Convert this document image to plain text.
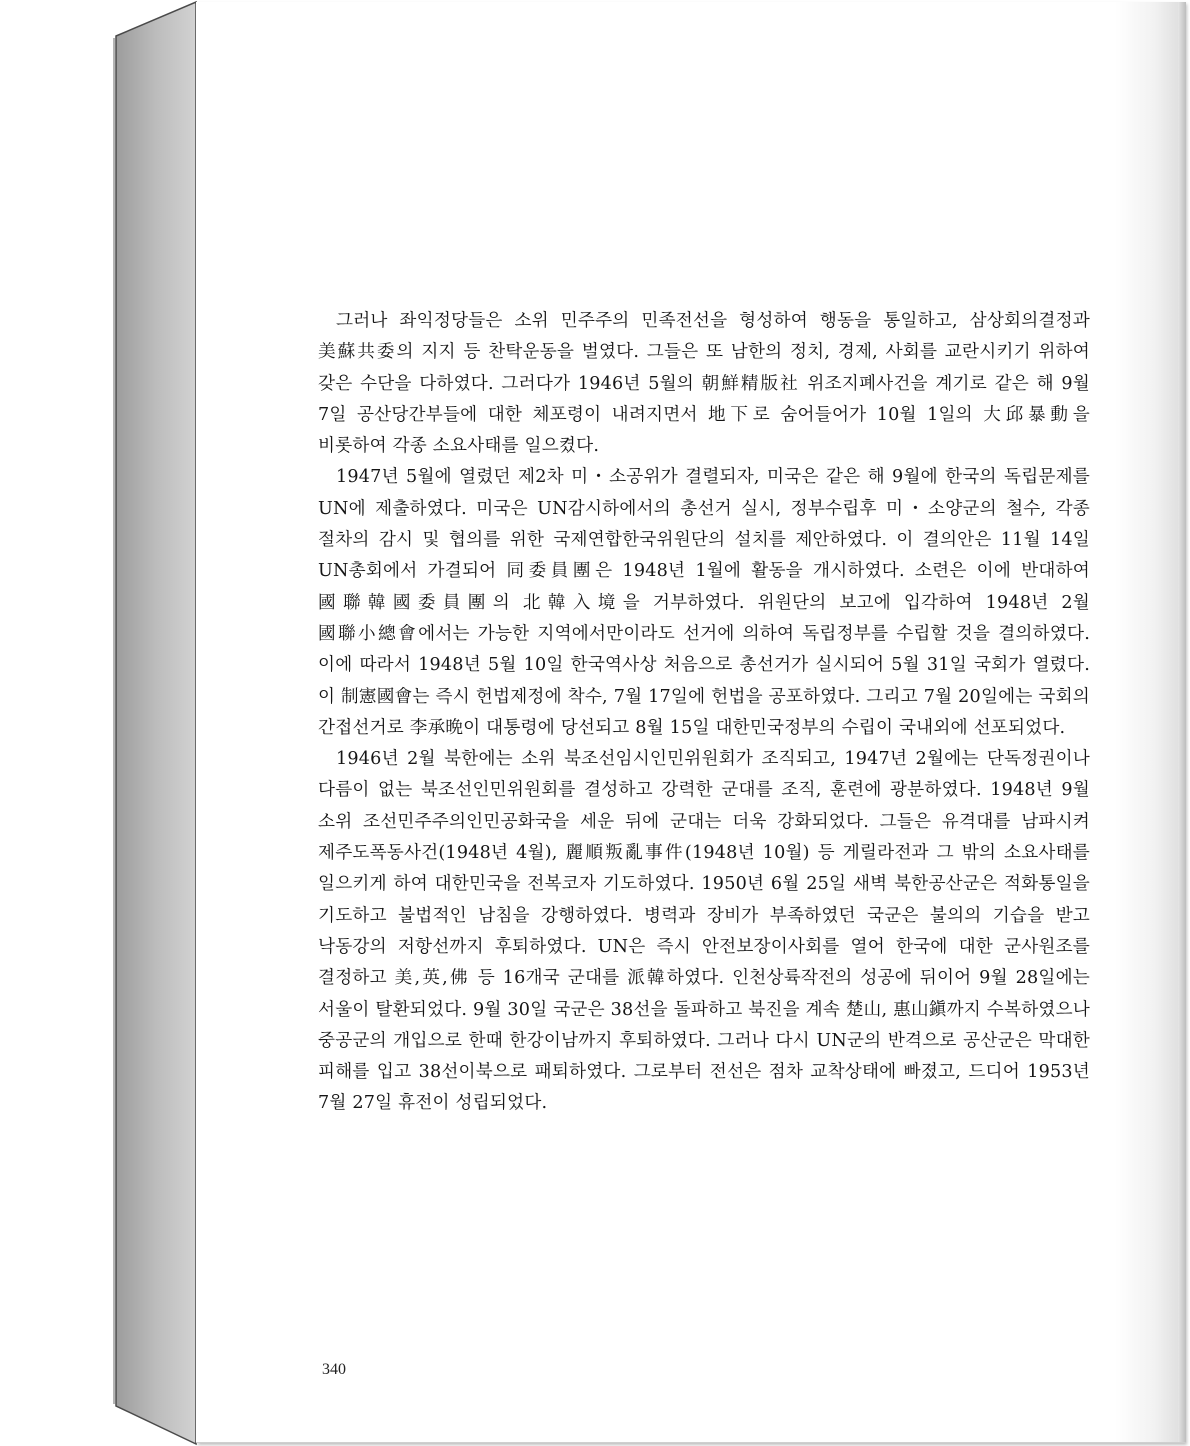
그러나 좌익정당들은 소위 민주주의 민족전선을 형성하여 행동을 통일하고, 삼상회의결정과 美蘇共委의 지지 등 찬탁운동을 벌였다. 그들은 또 남한의 정치, 경제, 사회를 교란시키기 위하여 갖은 수단을 다하였다. 그러다가 1946년 5월의 朝鮮精版社 위조지폐사건을 계기로 같은 해 9월 7일 공산당간부들에 대한 체포령이 내려지면서 地下로 숨어들어가 10월 1일의 大邱暴動을 비롯하여 각종 소요사태를 일으켰다.

1947년 5월에 열렸던 제2차 미・소공위가 결렬되자, 미국은 같은 해 9월에 한국의 독립문제를 UN에 제출하였다. 미국은 UN감시하에서의 총선거 실시, 정부수립후 미・소양군의 철수, 각종 절차의 감시 및 협의를 위한 국제연합한국위원단의 설치를 제안하였다. 이 결의안은 11월 14일 UN총회에서 가결되어 同委員團은 1948년 1월에 활동을 개시하였다. 소련은 이에 반대하여 國聯韓國委員團의 北韓入境을 거부하였다. 위원단의 보고에 입각하여 1948년 2월 國聯小總會에서는 가능한 지역에서만이라도 선거에 의하여 독립정부를 수립할 것을 결의하였다. 이에 따라서 1948년 5월 10일 한국역사상 처음으로 총선거가 실시되어 5월 31일 국회가 열렸다. 이 制憲國會는 즉시 헌법제정에 착수, 7월 17일에 헌법을 공포하였다. 그리고 7월 20일에는 국회의 간접선거로 李承晩이 대통령에 당선되고 8월 15일 대한민국정부의 수립이 국내외에 선포되었다.

1946년 2월 북한에는 소위 북조선임시인민위원회가 조직되고, 1947년 2월에는 단독정권이나 다름이 없는 북조선인민위원회를 결성하고 강력한 군대를 조직, 훈련에 광분하였다. 1948년 9월 소위 조선민주주의인민공화국을 세운 뒤에 군대는 더욱 강화되었다. 그들은 유격대를 남파시켜 제주도폭동사건(1948년 4월), 麗順叛亂事件(1948년 10월) 등 게릴라전과 그 밖의 소요사태를 일으키게 하여 대한민국을 전복코자 기도하였다. 1950년 6월 25일 새벽 북한공산군은 적화통일을 기도하고 불법적인 남침을 강행하였다. 병력과 장비가 부족하였던 국군은 불의의 기습을 받고 낙동강의 저항선까지 후퇴하였다. UN은 즉시 안전보장이사회를 열어 한국에 대한 군사원조를 결정하고 美,英,佛 등 16개국 군대를 派韓하였다. 인천상륙작전의 성공에 뒤이어 9월 28일에는 서울이 탈환되었다. 9월 30일 국군은 38선을 돌파하고 북진을 계속 楚山, 惠山鎭까지 수복하였으나 중공군의 개입으로 한때 한강이남까지 후퇴하였다. 그러나 다시 UN군의 반격으로 공산군은 막대한 피해를 입고 38선이북으로 패퇴하였다. 그로부터 전선은 점차 교착상태에 빠졌고, 드디어 1953년 7월 27일 휴전이 성립되었다.

340
